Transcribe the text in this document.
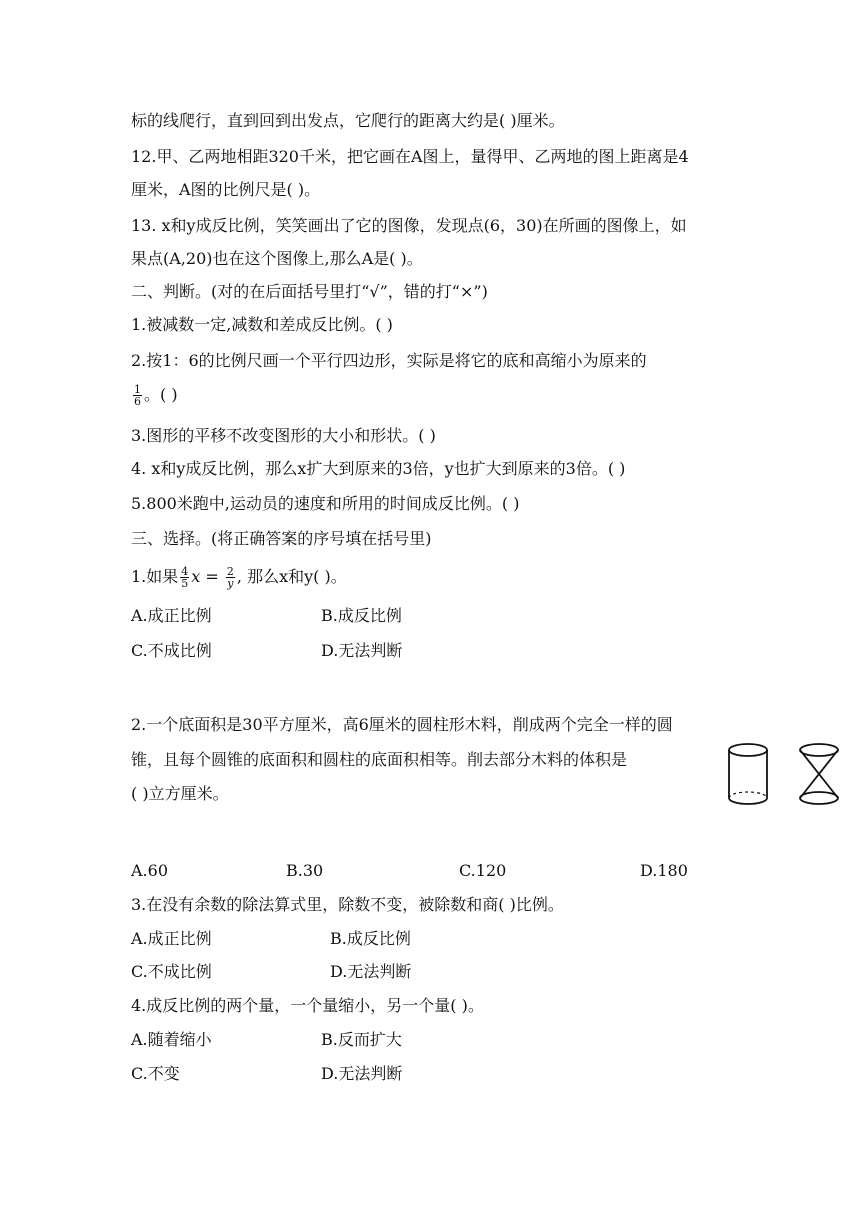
标的线爬行，直到回到出发点，它爬行的距离大约是( )厘米。
12.甲、乙两地相距320千米，把它画在A图上，量得甲、乙两地的图上距离是4
厘米，A图的比例尺是( )。
13. x和y成反比例，笑笑画出了它的图像，发现点(6，30)在所画的图像上，如
果点(A,20)也在这个图像上,那么A是( )。
二、判断。(对的在后面括号里打“√”，错的打“×”)
1.被减数一定,减数和差成反比例。( )
2.按1：6的比例尺画一个平行四边形，实际是将它的底和高缩小为原来的
$\frac{1}{6}$ 。( )
3.图形的平移不改变图形的大小和形状。( )
4. x和y成反比例，那么x扩大到原来的3倍，y也扩大到原来的3倍。( )
5.800米跑中,运动员的速度和所用的时间成反比例。( )
三、选择。(将正确答案的序号填在括号里)
1.如果 $\frac{4}{5}$ $x = \frac{2}{y}$ , 那么x和y( )。
A.成正比例	B.成反比例
C.不成比例	D.无法判断
2.一个底面积是30平方厘米，高6厘米的圆柱形木料，削成两个完全一样的圆
锥，且每个圆锥的底面积和圆柱的底面积相等。削去部分木料的体积是
( )立方厘米。
A.60	B.30	C.120	D.180
3.在没有余数的除法算式里，除数不变，被除数和商( )比例。
A.成正比例	B.成反比例
C.不成比例	D.无法判断
4.成反比例的两个量，一个量缩小，另一个量( )。
A.随着缩小	B.反而扩大
C.不变	D.无法判断
